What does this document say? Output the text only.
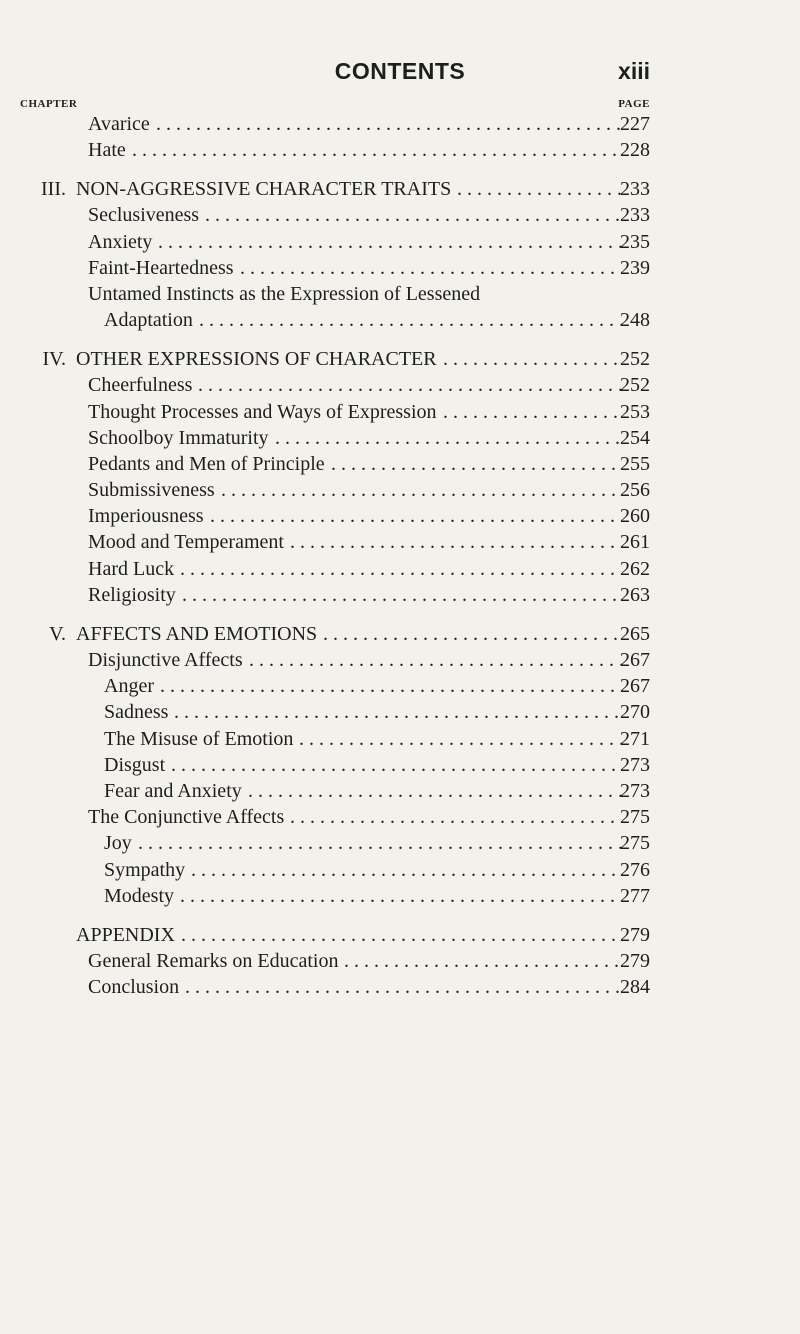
CONTENTS	xiii
CHAPTER	PAGE
Avarice . . . . . . . . . . . . . . . . . . . . . . . . . . . . . . . . . . . . . . . . . . . . . . . 227
Hate . . . . . . . . . . . . . . . . . . . . . . . . . . . . . . . . . . . . . . . . . . . . . . . . . 228
III. NON-AGGRESSIVE CHARACTER TRAITS . . . . . . . . . . . . . . . . .
233
Seclusiveness . . . . . . . . . . . . . . . . . . . . . . . . . . . . . . . . . . . . . . . . . . 233
Anxiety . . . . . . . . . . . . . . . . . . . . . . . . . . . . . . . . . . . . . . . . . . . . . . .
235
Faint-Heartedness . . . . . . . . . . . . . . . . . . . . . . . . . . . . . . . . . . . . . . 239
Untamed Instincts as the Expression of Lessened
Adaptation . . . . . . . . . . . . . . . . . . . . . . . . . . . . . . . . . . . . . . . . . . .
248
IV. OTHER EXPRESSIONS OF CHARACTER . . . . . . . . . . . . . . . . . . 252
Cheerfulness . . . . . . . . . . . . . . . . . . . . . . . . . . . . . . . . . . . . . . . . . . .
252
Thought Processes and Ways of Expression . . . . . . . . . . . . . . . . . . 253
Schoolboy Immaturity . . . . . . . . . . . . . . . . . . . . . . . . . . . . . . . . . . . 254
Pedants and Men of Principle . . . . . . . . . . . . . . . . . . . . . . . . . . . . . 255
Submissiveness . . . . . . . . . . . . . . . . . . . . . . . . . . . . . . . . . . . . . . . . 256
Imperiousness . . . . . . . . . . . . . . . . . . . . . . . . . . . . . . . . . . . . . . . . . 260
Mood and Temperament . . . . . . . . . . . . . . . . . . . . . . . . . . . . . . . . . 261
Hard Luck . . . . . . . . . . . . . . . . . . . . . . . . . . . . . . . . . . . . . . . . . . . . 262
Religiosity . . . . . . . . . . . . . . . . . . . . . . . . . . . . . . . . . . . . . . . . . . . . 263
V. AFFECTS AND EMOTIONS . . . . . . . . . . . . . . . . . . . . . . . . . . . . . . 265
Disjunctive Affects . . . . . . . . . . . . . . . . . . . . . . . . . . . . . . . . . . . . . .
267
Anger . . . . . . . . . . . . . . . . . . . . . . . . . . . . . . . . . . . . . . . . . . . . . . 267
Sadness . . . . . . . . . . . . . . . . . . . . . . . . . . . . . . . . . . . . . . . . . . . . . 270
The Misuse of Emotion . . . . . . . . . . . . . . . . . . . . . . . . . . . . . . . . .
271
Disgust . . . . . . . . . . . . . . . . . . . . . . . . . . . . . . . . . . . . . . . . . . . . . 273
Fear and Anxiety . . . . . . . . . . . . . . . . . . . . . . . . . . . . . . . . . . . . . .
273
The Conjunctive Affects . . . . . . . . . . . . . . . . . . . . . . . . . . . . . . . . . 275
Joy . . . . . . . . . . . . . . . . . . . . . . . . . . . . . . . . . . . . . . . . . . . . . . . . .
275
Sympathy . . . . . . . . . . . . . . . . . . . . . . . . . . . . . . . . . . . . . . . . . . . 276
Modesty . . . . . . . . . . . . . . . . . . . . . . . . . . . . . . . . . . . . . . . . . . . . 277
APPENDIX . . . . . . . . . . . . . . . . . . . . . . . . . . . . . . . . . . . . . . . . . . . . 279
General Remarks on Education . . . . . . . . . . . . . . . . . . . . . . . . . . . . 279
Conclusion . . . . . . . . . . . . . . . . . . . . . . . . . . . . . . . . . . . . . . . . . . . . 284
